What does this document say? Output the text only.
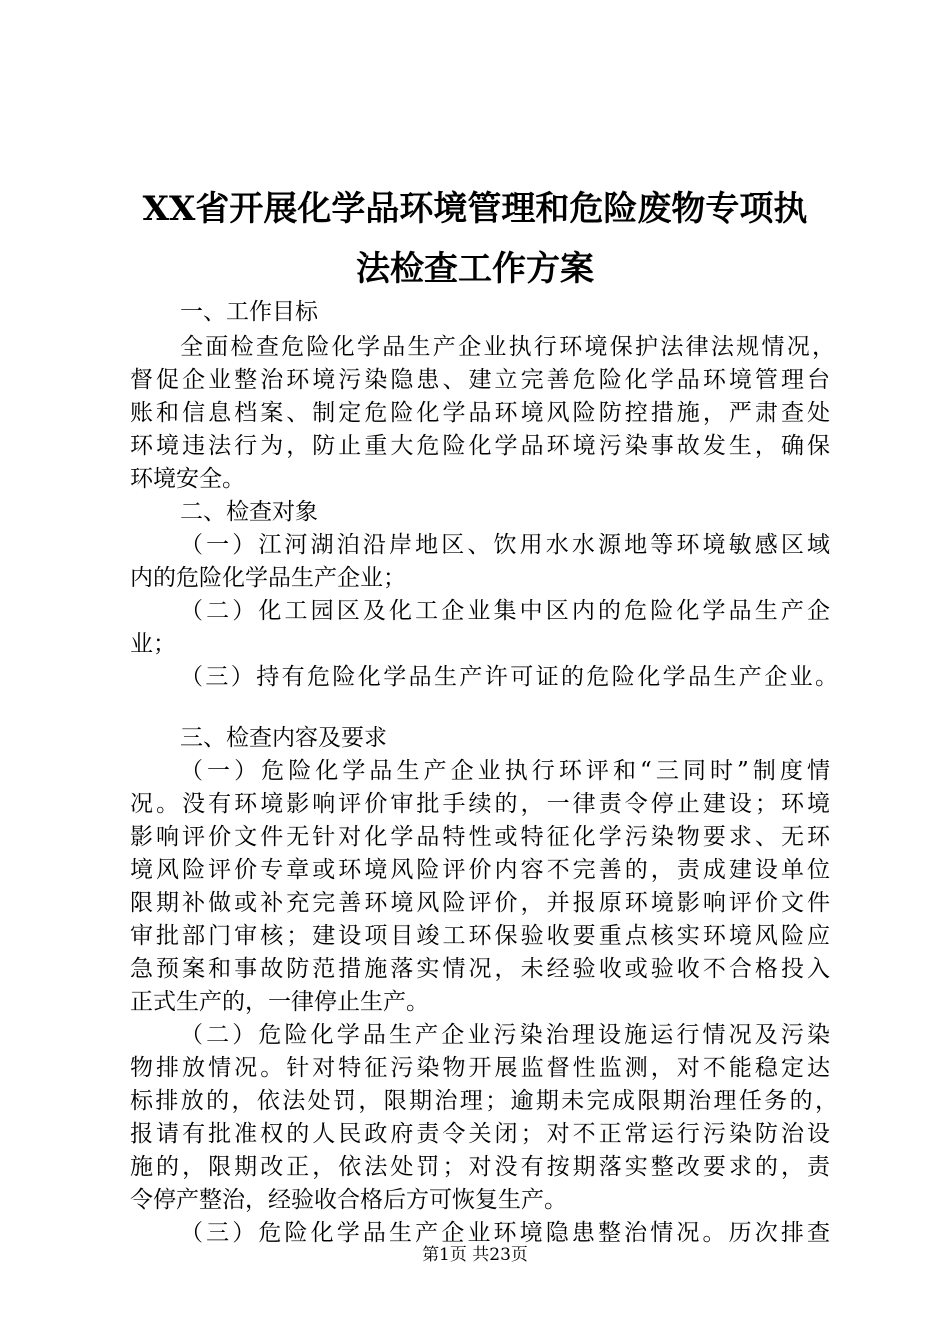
XX省开展化学品环境管理和危险废物专项执
法检查工作方案
一、工作目标
全面检查危险化学品生产企业执行环境保护法律法规情况，
督促企业整治环境污染隐患、建立完善危险化学品环境管理台
账和信息档案、制定危险化学品环境风险防控措施，严肃查处
环境违法行为，防止重大危险化学品环境污染事故发生，确保
环境安全。
二、检查对象
（一）江河湖泊沿岸地区、饮用水水源地等环境敏感区域
内的危险化学品生产企业；
（二）化工园区及化工企业集中区内的危险化学品生产企
业；
（三）持有危险化学品生产许可证的危险化学品生产企业。
三、检查内容及要求
（一）危险化学品生产企业执行环评和“三同时”制度情
况。没有环境影响评价审批手续的，一律责令停止建设；环境
影响评价文件无针对化学品特性或特征化学污染物要求、无环
境风险评价专章或环境风险评价内容不完善的，责成建设单位
限期补做或补充完善环境风险评价，并报原环境影响评价文件
审批部门审核；建设项目竣工环保验收要重点核实环境风险应
急预案和事故防范措施落实情况，未经验收或验收不合格投入
正式生产的，一律停止生产。
（二）危险化学品生产企业污染治理设施运行情况及污染
物排放情况。针对特征污染物开展监督性监测，对不能稳定达
标排放的，依法处罚，限期治理；逾期未完成限期治理任务的，
报请有批准权的人民政府责令关闭；对不正常运行污染防治设
施的，限期改正，依法处罚；对没有按期落实整改要求的，责
令停产整治，经验收合格后方可恢复生产。
（三）危险化学品生产企业环境隐患整治情况。历次排查
第1页 共23页
